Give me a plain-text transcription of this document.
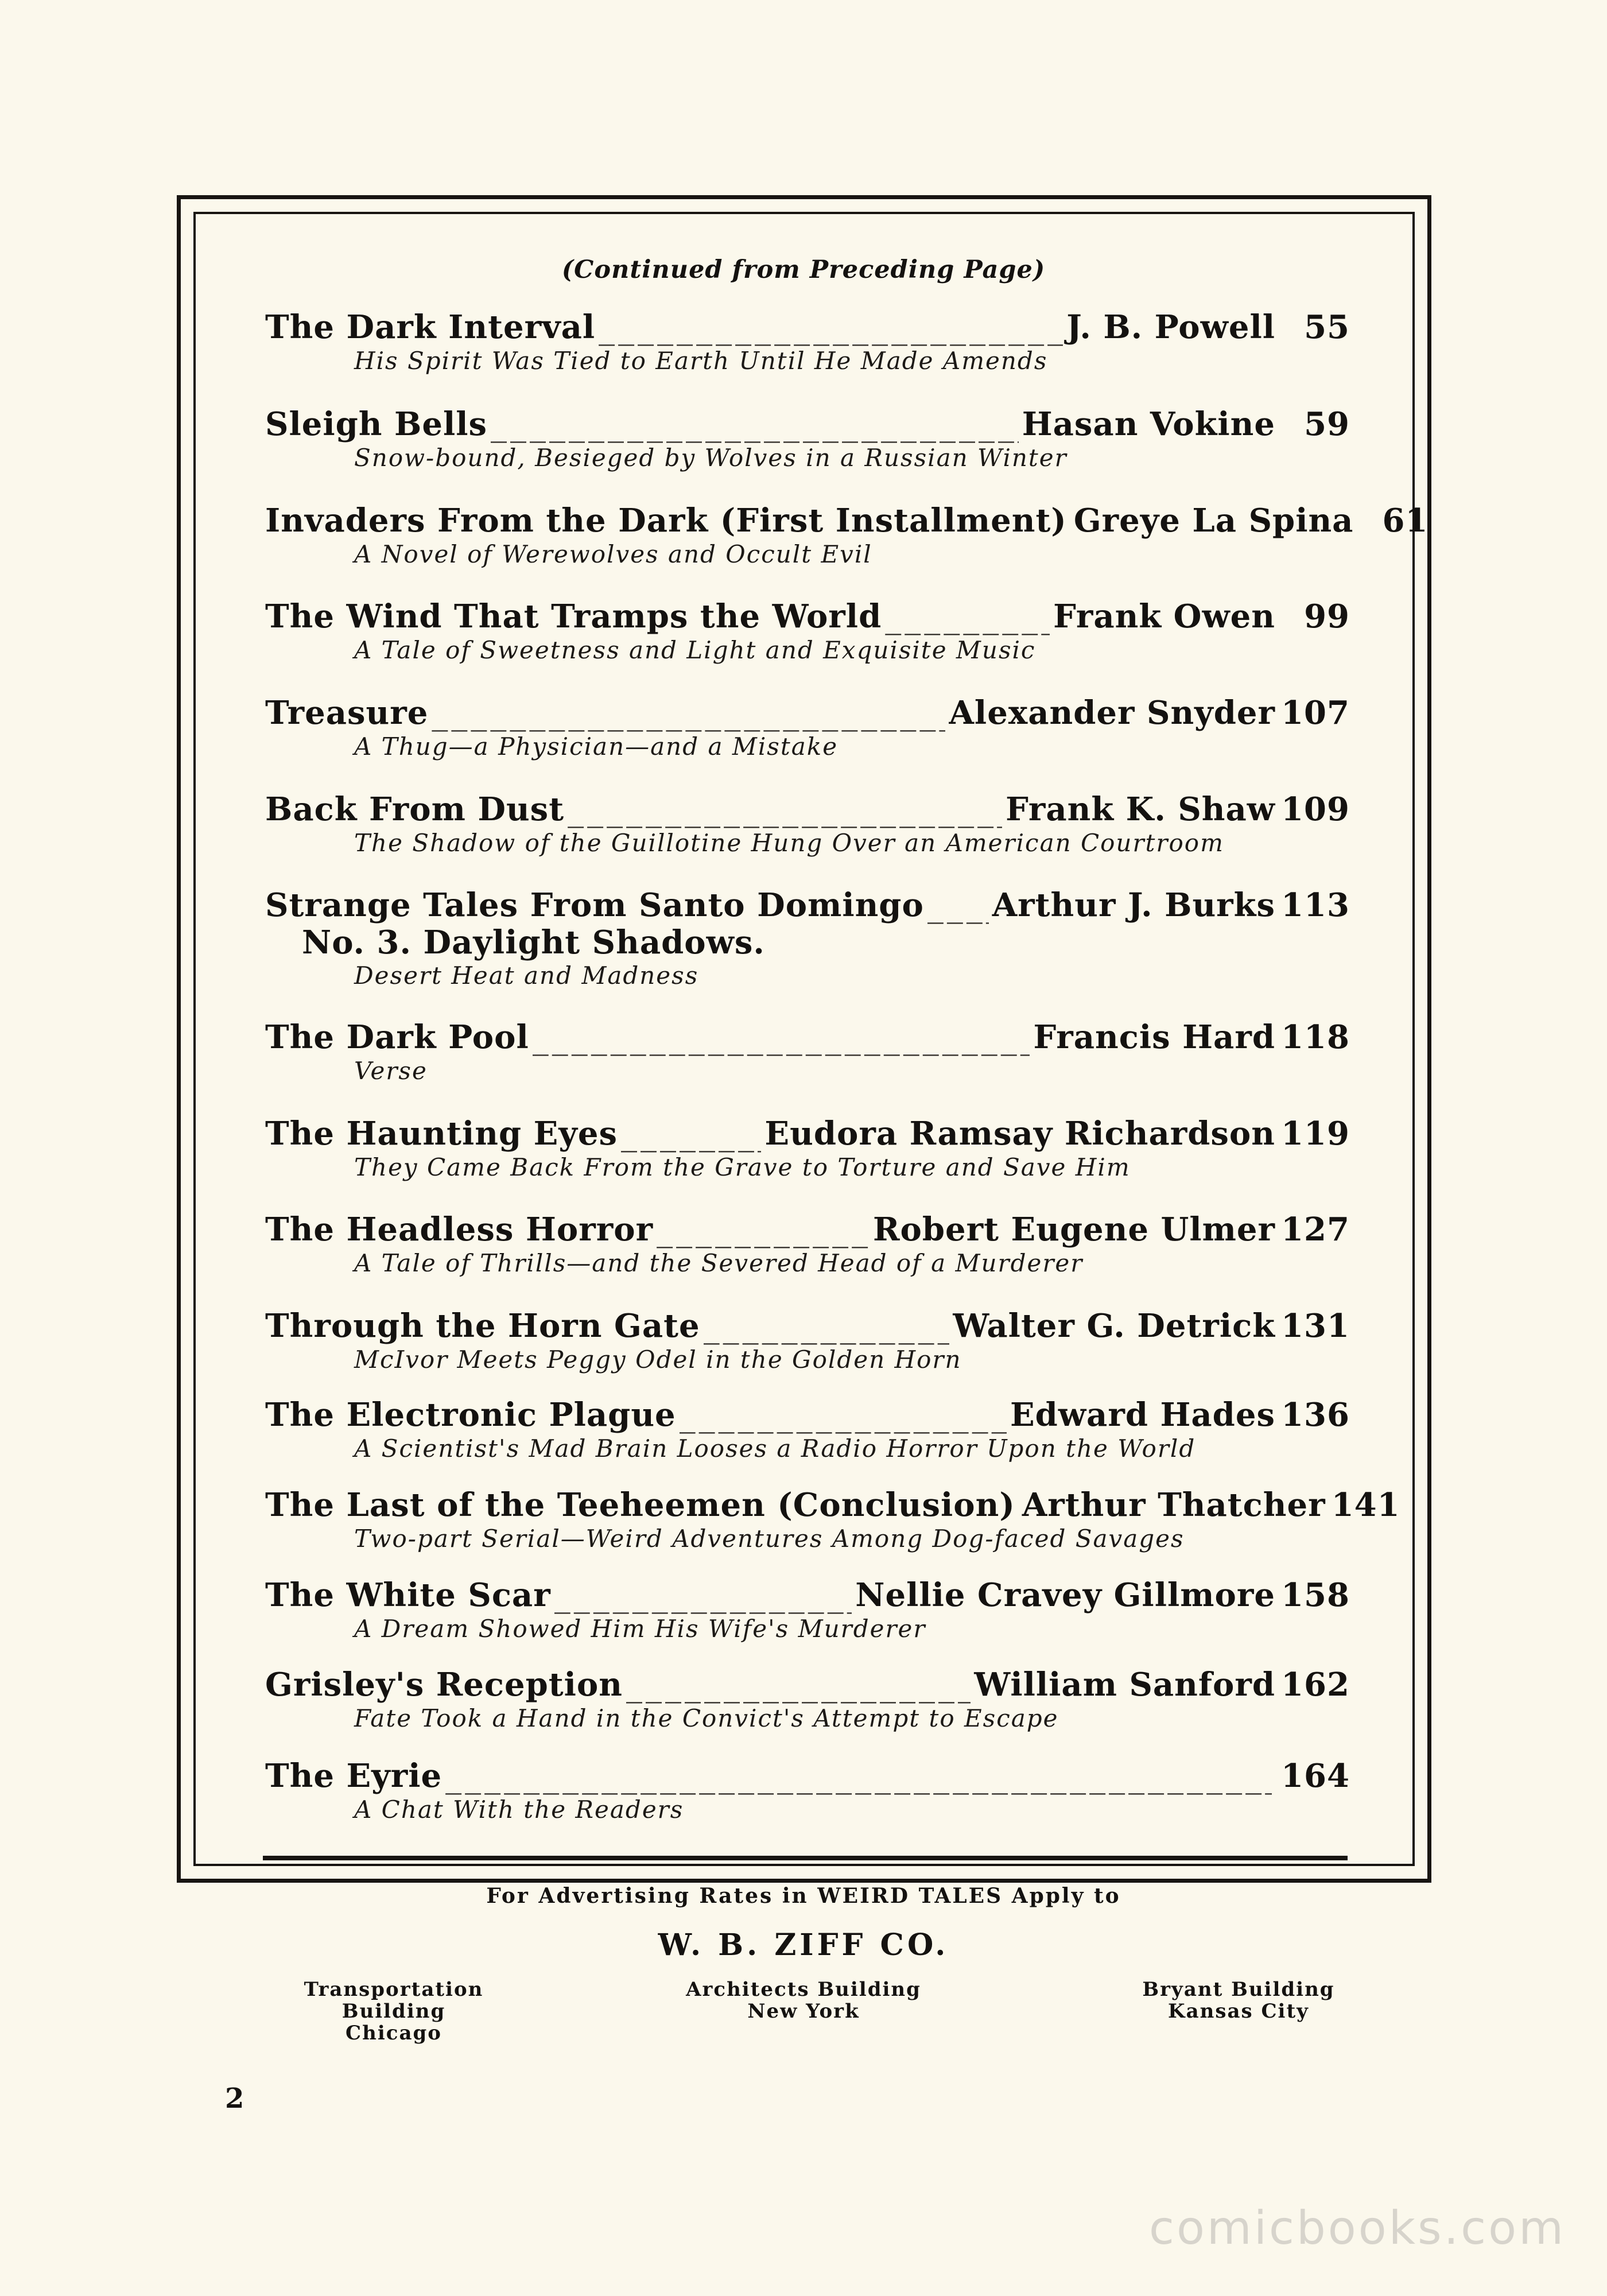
(Continued from Preceding Page)
The Dark Interval _____	J. B. Powell 55
His Spirit Was Tied to Earth Until He Made Amends
Sleigh Bells _____	Hasan Vokine 59
Snow-bound, Besieged by Wolves in a Russian Winter
Invaders From the Dark (First Installment) Greye La Spina 61
A Novel of Werewolves and Occult Evil
The Wind That Tramps the World _____	Frank Owen 99
A Tale of Sweetness and Light and Exquisite Music
Treasure _____	Alexander Snyder 107
A Thug—a Physician—and a Mistake
Back From Dust _____	Frank K. Shaw 109
The Shadow of the Guillotine Hung Over an American Courtroom
Strange Tales From Santo Domingo _____ Arthur J. Burks 113
No. 3. Daylight Shadows.
Desert Heat and Madness
The Dark Pool _____	Francis Hard 118
Verse
The Haunting Eyes _____	Eudora Ramsay Richardson 119
They Came Back From the Grave to Torture and Save Him
The Headless Horror _____	Robert Eugene Ulmer 127
A Tale of Thrills—and the Severed Head of a Murderer
Through the Horn Gate _____	Walter G. Detrick 131
McIvor Meets Peggy Odel in the Golden Horn
The Electronic Plague _____	Edward Hades 136
A Scientist's Mad Brain Looses a Radio Horror Upon the World
The Last of the Teeheemen (Conclusion) Arthur Thatcher 141
Two-part Serial—Weird Adventures Among Dog-faced Savages
The White Scar _____	Nellie Cravey Gillmore 158
A Dream Showed Him His Wife's Murderer
Grisley's Reception _____	William Sanford 162
Fate Took a Hand in the Convict's Attempt to Escape
The Eyrie _____	164
A Chat With the Readers
For Advertising Rates in WEIRD TALES Apply to
W. B. ZIFF CO.
Transportation Building
Chicago
Architects Building
New York
Bryant Building
Kansas City
2
comicbooks.com
